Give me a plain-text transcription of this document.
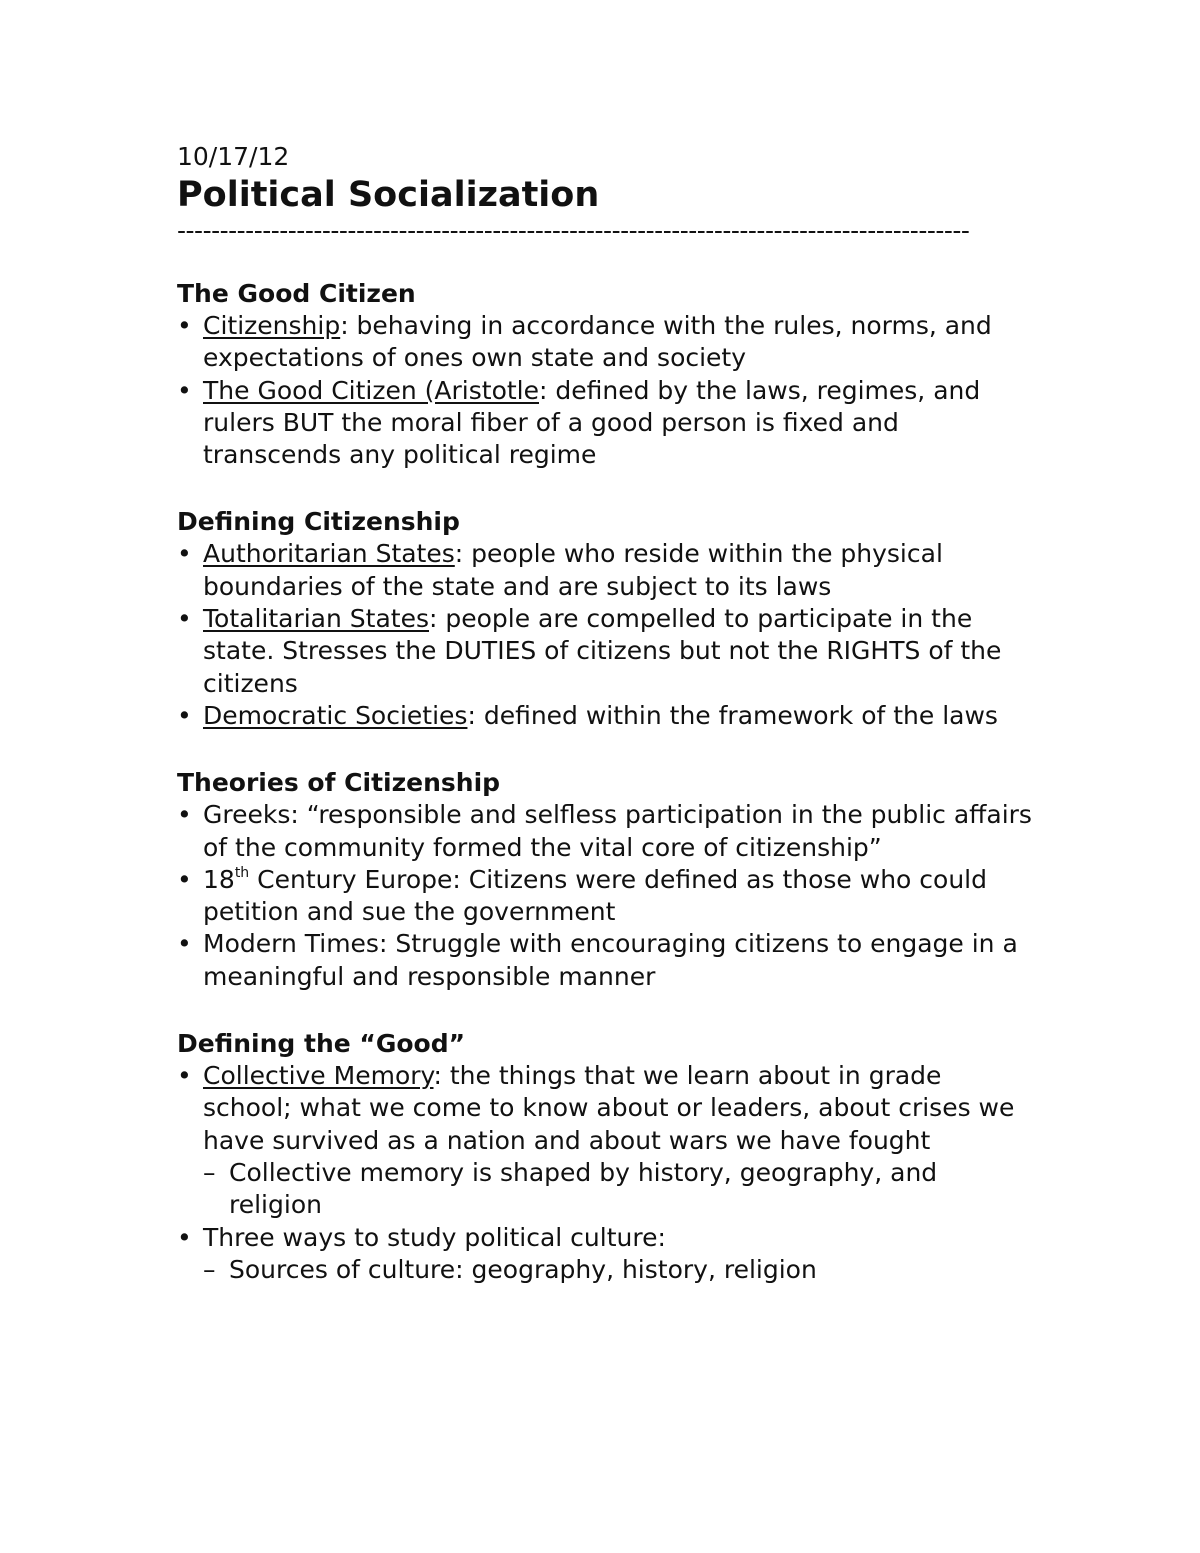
10/17/12

Political Socialization

---------------------------------------------------------------------------------------------

The Good Citizen
• Citizenship: behaving in accordance with the rules, norms, and expectations of ones own state and society
• The Good Citizen (Aristotle: defined by the laws, regimes, and rulers BUT the moral fiber of a good person is fixed and transcends any political regime
Defining Citizenship
• Authoritarian States: people who reside within the physical boundaries of the state and are subject to its laws
• Totalitarian States: people are compelled to participate in the state. Stresses the DUTIES of citizens but not the RIGHTS of the citizens
• Democratic Societies: defined within the framework of the laws
Theories of Citizenship
• Greeks: “responsible and selfless participation in the public affairs of the community formed the vital core of citizenship”
• 18th Century Europe: Citizens were defined as those who could petition and sue the government
• Modern Times: Struggle with encouraging citizens to engage in a meaningful and responsible manner
Defining the “Good”
• Collective Memory: the things that we learn about in grade school; what we come to know about or leaders, about crises we have survived as a nation and about wars we have fought
– Collective memory is shaped by history, geography, and religion
• Three ways to study political culture:
– Sources of culture: geography, history, religion
